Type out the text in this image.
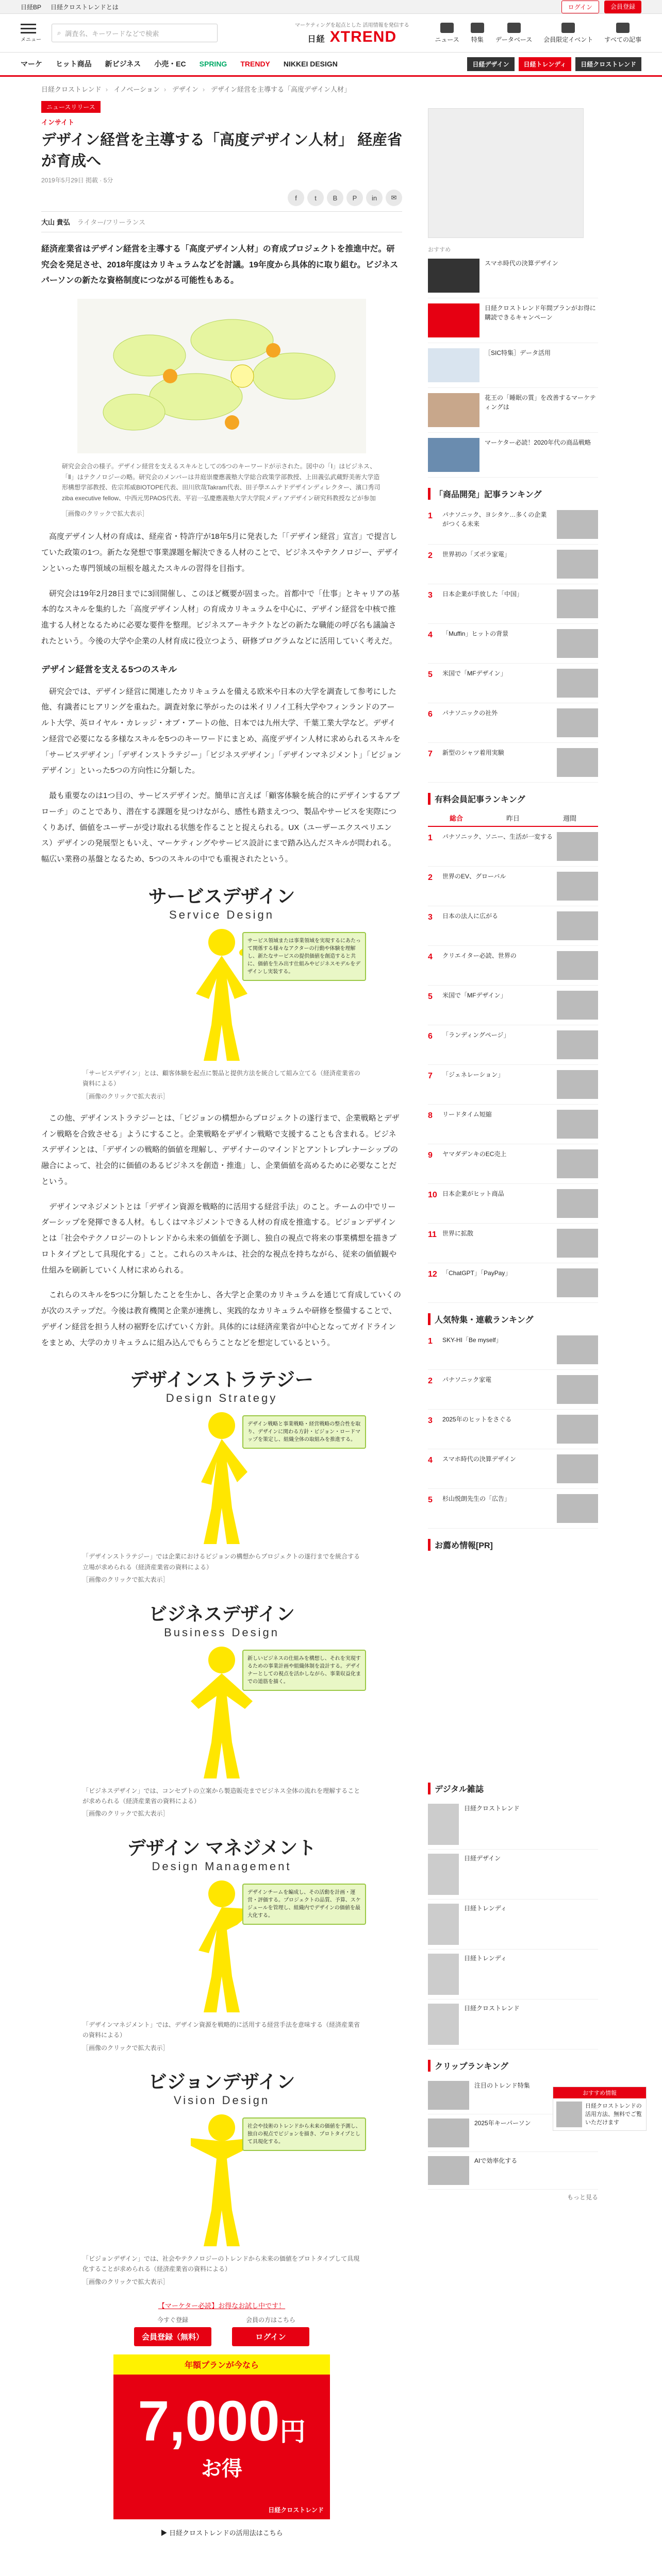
日経BP 日経クロストレンドとは	ログイン	会員登録
メニュー
⌕ 調査名、キーワードなどで検索
マーケティングを起点とした 活用情報を発信する
日経 XTREND	ニュース 特集 データベース 会員限定イベント すべての記事
マーケ ヒット商品 新ビジネス 小売・EC SPRING TRENDY NIKKEI DESIGN	日経デザイン	日経トレンディ	日経クロストレンド
日経クロストレンド › イノベーション › デザイン › デザイン経営を主導する「高度デザイン人材」
ニュースリリース
インサイト
デザイン経営を主導する「高度デザイン人材」 経産省が育成へ
2019年5月29日 掲載 · 5分
f	t	B	P	in	✉
大山 貴弘 ライター/フリーランス
経済産業省はデザイン経営を主導する「高度デザイン人材」の育成プロジェクトを推進中だ。研究会を発足させ、2018年度はカリキュラムなどを討議。19年度から具体的に取り組む。ビジネスパーソンの新たな資格制度につながる可能性もある。
研究会会合の様子。デザイン経営を支えるスキルとしての5つのキーワードが示された。図中の「Ⅰ」はビジネス、「Ⅱ」はテクノロジーの略。研究会のメンバーは井庭崇慶應義塾大学総合政策学部教授、上田義弘武蔵野美術大学造形構想学部教授、佐宗邦威BIOTOPE代表、田川欣哉Takram代表、田子學エムテドデザインディレクター、濱口秀司ziba executive fellow、中西元男PAOS代表、平岩一弘慶應義塾大学大学院メディアデザイン研究科教授などが参加
［画像のクリックで拡大表示］

高度デザイン人材の育成は、経産省・特許庁が18年5月に発表した「「デザイン経営」宣言」で提言していた政策の1つ。新たな発想で事業課題を解決できる人材のことで、ビジネスやテクノロジー、デザインといった専門領域の垣根を越えたスキルの習得を目指す。

研究会は19年2月28日までに3回開催し、このほど概要が固まった。首都中で「仕事」とキャリアの基本的なスキルを集約した「高度デザイン人材」の育成カリキュラムを中心に、デザイン経営を中核で推進する人材となるために必要な要件を整理。ビジネスアーキテクトなどの新たな職能の呼び名も議論されたという。今後の大学や企業の人材育成に役立つよう、研修プログラムなどに活用していく考えだ。

デザイン経営を支える5つのスキル

研究会では、デザイン経営に関連したカリキュラムを備える欧米や日本の大学を調査して参考にした他、有識者にヒアリングを重ねた。調査対象に挙がったのは米イリノイ工科大学やフィンランドのアールト大学、英ロイヤル・カレッジ・オブ・アートの他、日本では九州大学、千葉工業大学など。デザイン経営で必要になる多様なスキルを5つのキーワードにまとめ、高度デザイン人材に求められるスキルを「サービスデザイン」「デザインストラテジー」「ビジネスデザイン」「デザインマネジメント」「ビジョンデザイン」といった5つの方向性に分類した。

最も重要なのは1つ目の、サービスデザインだ。簡単に言えば「顧客体験を統合的にデザインするアプローチ」のことであり、潜在する課題を見つけながら、感性も踏まえつつ、製品やサービスを実際につくりあげ、価値をユーザーが受け取れる状態を作ることと捉えられる。UX（ユーザーエクスペリエンス）デザインの発展型ともいえ、マーケティングやサービス設計にまで踏み込んだスキルが問われる。幅広い業務の基盤となるため、5つのスキルの中でも重視されたという。

サービスデザイン
Service Design
サービス領域または事業領域を実現するにあたって関係する様々なアクターの行動や体験を理解し、新たなサービスの提供価値を創造すると共に、価値を生み出す仕組みやビジネスモデルをデザインし実装する。
「サービスデザイン」とは、顧客体験を起点に製品と提供方法を統合して組み立てる（経済産業省の資料による）
［画像のクリックで拡大表示］

この他、デザインストラテジーとは、「ビジョンの構想からプロジェクトの遂行まで、企業戦略とデザイン戦略を合致させる」ようにすること。企業戦略をデザイン戦略で支援することも含まれる。ビジネスデザインとは、「デザインの戦略的価値を理解し、デザイナーのマインドとアントレプレナーシップの融合によって、社会的に価値のあるビジネスを創造・推進」し、企業価値を高めるために必要なことだという。

デザインマネジメントとは「デザイン資源を戦略的に活用する経営手法」のこと。チームの中でリーダーシップを発揮できる人材。もしくはマネジメントできる人材の育成を推進する。ビジョンデザインとは「社会やテクノロジーのトレンドから未来の価値を予測し、独自の視点で将来の事業構想を描きプロトタイプとして具現化する」こと。これらのスキルは、社会的な視点を持ちながら、従来の価値観や仕組みを刷新していく人材に求められる。

これらのスキルを5つに分類したことを生かし、各大学と企業のカリキュラムを通じて育成していくのが次のステップだ。今後は教育機関と企業が連携し、実践的なカリキュラムや研修を整備することで、デザイン経営を担う人材の裾野を広げていく方針。具体的には経済産業省が中心となってガイドラインをまとめ、大学のカリキュラムに組み込んでもらうことなどを想定しているという。

デザインストラテジー
Design Strategy
デザイン戦略と事業戦略・経営戦略の整合性を取り、デザインに関わる方針・ビジョン・ロードマップを策定し、組織全体の取組みを推進する。
「デザインストラテジー」では企業におけるビジョンの構想からプロジェクトの遂行までを統合する立場が求められる（経済産業省の資料による）
［画像のクリックで拡大表示］
ビジネスデザイン
Business Design
新しいビジネスの仕組みを構想し、それを実現するための事業計画や組織体制を設計する。デザイナーとしての視点を活かしながら、事業収益化までの道筋を描く。
「ビジネスデザイン」では、コンセプトの立案から製造販売までビジネス全体の流れを理解することが求められる（経済産業省の資料による）
［画像のクリックで拡大表示］
デザイン マネジメント
Design Management
デザインチームを編成し、その活動を計画・運営・評価する。プロジェクトの品質、予算、スケジュールを管理し、組織内でデザインの価値を最大化する。
「デザインマネジメント」では、デザイン資源を戦略的に活用する経営手法を意味する（経済産業省の資料による）
［画像のクリックで拡大表示］
ビジョンデザイン
Vision Design
社会や技術のトレンドから未来の価値を予測し、独自の視点でビジョンを描き、プロトタイプとして具現化する。
「ビジョンデザイン」では、社会やテクノロジーのトレンドから未来の価値をプロトタイプして具現化することが求められる（経済産業省の資料による）
［画像のクリックで拡大表示］
【マーケター必読】お得なお試し中です！
今すぐ登録
会員登録（無料）
会員の方はこちら
ログイン
年額プランが今なら
7,000円
お得
日経クロストレンド
▶ 日経クロストレンドの活用法はこちら
おすすめ
スマホ時代の決算デザイン
日経クロストレンド年間プランがお得に購読できるキャンペーン
［SIC特集］データ活用
花王の「睡眠の質」を改善するマーケティングは
マーケター必読！2020年代の商品戦略
「商品開発」記事ランキング
1	パナソニック、ヨシタケ…多くの企業がつくる未来
2	世界初の「ズボラ家電」
3	日本企業が手放した「中国」
4	「Muffin」ヒットの背景
5	米国で「MFデザイン」
6	パナソニックの社外
7	新型のシャツ着用実験
有料会員記事ランキング
総合	昨日	週間
1	パナソニック、ソニー、生活が一変する
2	世界のEV、グローバル
3	日本の法人に広がる
4	クリエイター必読、世界の
5	米国で「MFデザイン」
6	「ランディングページ」
7	「ジェネレーション」
8	リードタイム短縮
9	ヤマダデンキのEC売上
10 日本企業がヒット商品
11 世界に拡散
12 「ChatGPT」「PayPay」
人気特集・連載ランキング
1	SKY-HI「Be myself」
2	パナソニック家電
3	2025年のヒットをさぐる
4	スマホ時代の決算デザイン
5	杉山悦朗先生の「広告」
お薦め情報[PR]
デジタル雑誌
日経クロストレンド
日経デザイン
日経トレンディ
日経トレンディ
日経クロストレンド
クリップランキング
注目のトレンド特集
2025年キーパーソン
AIで効率化する
もっと見る
おすすめ情報
日経クロストレンドの活用方法、無料でご覧いただけます
